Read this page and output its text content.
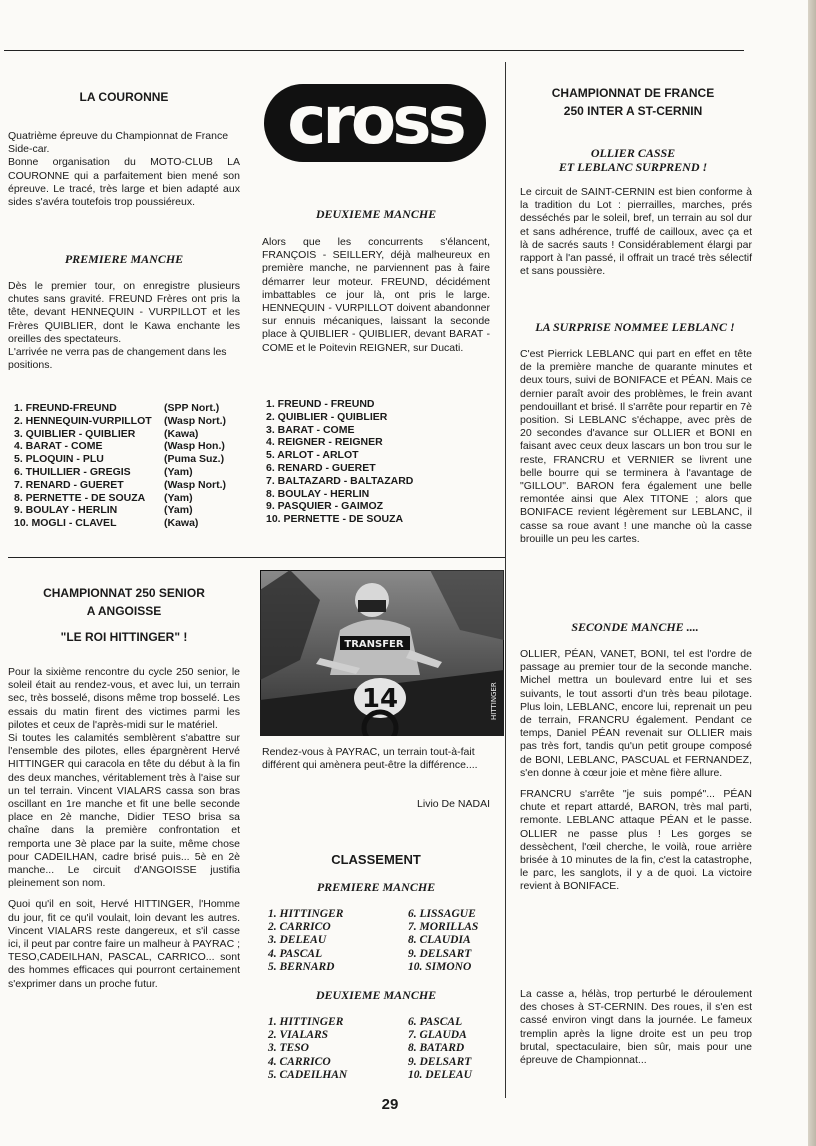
LA COURONNE

Quatrième épreuve du Championnat de France Side-car.

Bonne organisation du MOTO-CLUB LA COURONNE qui a parfaitement bien mené son épreuve. Le tracé, très large et bien adapté aux sides s'avéra toutefois trop poussiéreux.

PREMIERE MANCHE

Dès le premier tour, on enregistre plusieurs chutes sans gravité. FREUND Frères ont pris la tête, devant HENNEQUIN - VURPILLOT et les Frères QUIBLIER, dont le Kawa enchante les oreilles des spectateurs.

L'arrivée ne verra pas de changement dans les positions.

1. FREUND-FREUND	(SPP Nort.)
2. HENNEQUIN-VURPILLOT	(Wasp Nort.)
3. QUIBLIER - QUIBLIER	(Kawa)
4. BARAT - COME	(Wasp Hon.)
5. PLOQUIN - PLU	(Puma Suz.)
6. THUILLIER - GREGIS	(Yam)
7. RENARD - GUERET	(Wasp Nort.)
8. PERNETTE - DE SOUZA	(Yam)
9. BOULAY - HERLIN	(Yam)
10. MOGLI - CLAVEL	(Kawa)
cross
DEUXIEME MANCHE
Alors que les concurrents s'élancent, FRANÇOIS - SEILLERY, déjà malheureux en première manche, ne parviennent pas à faire démarrer leur moteur. FREUND, décidément imbattables ce jour là, ont pris le large. HENNEQUIN - VURPILLOT doivent abandonner sur ennuis mécaniques, laissant la seconde place à QUIBLIER - QUIBLIER, devant BARAT - COME et le Poitevin REIGNER, sur Ducati.
1. FREUND - FREUND
2. QUIBLIER - QUIBLIER
3. BARAT - COME
4. REIGNER - REIGNER
5. ARLOT - ARLOT
6. RENARD - GUERET
7. BALTAZARD - BALTAZARD
8. BOULAY - HERLIN
9. PASQUIER - GAIMOZ
10. PERNETTE - DE SOUZA
CHAMPIONNAT 250 SENIOR
A ANGOISSE
"LE ROI HITTINGER" !

Pour la sixième rencontre du cycle 250 senior, le soleil était au rendez-vous, et avec lui, un terrain sec, très bosselé, disons même trop bosselé. Les essais du matin firent des victimes parmi les pilotes et ceux de l'après-midi sur le matériel.

Si toutes les calamités semblèrent s'abattre sur l'ensemble des pilotes, elles épargnèrent Hervé HITTINGER qui caracola en tête du début à la fin des deux manches, véritablement très à l'aise sur un tel terrain. Vincent VIALARS cassa son bras oscillant en 1re manche et fit une belle seconde place en 2è manche, Didier TESO brisa sa chaîne dans la première confrontation et remporta une 3è place par la suite, même chose pour CADEILHAN, cadre brisé puis... 5è en 2è manche... Le circuit d'ANGOISSE justifia pleinement son nom.

Quoi qu'il en soit, Hervé HITTINGER, l'Homme du jour, fit ce qu'il voulait, loin devant les autres. Vincent VIALARS reste dangereux, et s'il casse ici, il peut par contre faire un malheur à PAYRAC ; TESO,CADEILHAN, PASCAL, CARRICO... sont des hommes efficaces qui pourront certainement s'exprimer dans un proche futur.

TRANSFER
14	HITTINGER
Rendez-vous à PAYRAC, un terrain tout-à-fait différent qui amènera peut-être la différence....
Livio De NADAI
CLASSEMENT
PREMIERE MANCHE
1. HITTINGER	6. LISSAGUE
2. CARRICO	7. MORILLAS
3. DELEAU	8. CLAUDIA
4. PASCAL	9. DELSART
5. BERNARD	10. SIMONO
DEUXIEME MANCHE
1. HITTINGER	6. PASCAL
2. VIALARS	7. GLAUDA
3. TESO	8. BATARD
4. CARRICO	9. DELSART
5. CADEILHAN	10. DELEAU
CHAMPIONNAT DE FRANCE
250 INTER A ST-CERNIN
OLLIER CASSE
ET LEBLANC SURPREND !
Le circuit de SAINT-CERNIN est bien conforme à la tradition du Lot : pierrailles, marches, prés desséchés par le soleil, bref, un terrain au sol dur et sans adhérence, truffé de cailloux, avec ça et là de sacrés sauts ! Considérablement élargi par rapport à l'an passé, il offrait un tracé très sélectif et sans poussière.
LA SURPRISE NOMMEE LEBLANC !
C'est Pierrick LEBLANC qui part en effet en tête de la première manche de quarante minutes et deux tours, suivi de BONIFACE et PÉAN. Mais ce dernier paraît avoir des problèmes, le frein avant pendouillant et brisé. Il s'arrête pour repartir en 7è position. Si LEBLANC s'échappe, avec près de 20 secondes d'avance sur OLLIER et BONI en faisant avec ceux deux lascars un bon trou sur le reste, FRANCRU et VERNIER se livrent une belle bourre qui se terminera à l'avantage de "GILLOU". BARON fera également une belle remontée ainsi que Alex TITONE ; alors que BONIFACE revient légèrement sur LEBLANC, il casse sa roue avant ! une manche où la casse brouille un peu les cartes.
SECONDE MANCHE ....

OLLIER, PÉAN, VANET, BONI, tel est l'ordre de passage au premier tour de la seconde manche. Michel mettra un boulevard entre lui et ses suivants, le tout assorti d'un très beau pilotage. Plus loin, LEBLANC, encore lui, reprenait un peu de terrain, FRANCRU également. Pendant ce temps, Daniel PÉAN revenait sur OLLIER mais pas très fort, tandis qu'un petit groupe composé de BONI, LEBLANC, PASCUAL et FERNANDEZ, s'en donne à cœur joie et mène fière allure.

FRANCRU s'arrête "je suis pompé"... PÉAN chute et repart attardé, BARON, très mal parti, remonte. LEBLANC attaque PÉAN et le passe. OLLIER ne passe plus ! Les gorges se dessèchent, l'œil cherche, le voilà, roue arrière brisée à 10 minutes de la fin, c'est la catastrophe, le parc, les sanglots, il y a de quoi. La victoire revient à BONIFACE.

La casse a, hélàs, trop perturbé le déroulement des choses à ST-CERNIN. Des roues, il s'en est cassé environ vingt dans la journée. Le fameux tremplin après la ligne droite est un peu trop brutal, spectaculaire, bien sûr, mais pour une épreuve de Championnat...
29
